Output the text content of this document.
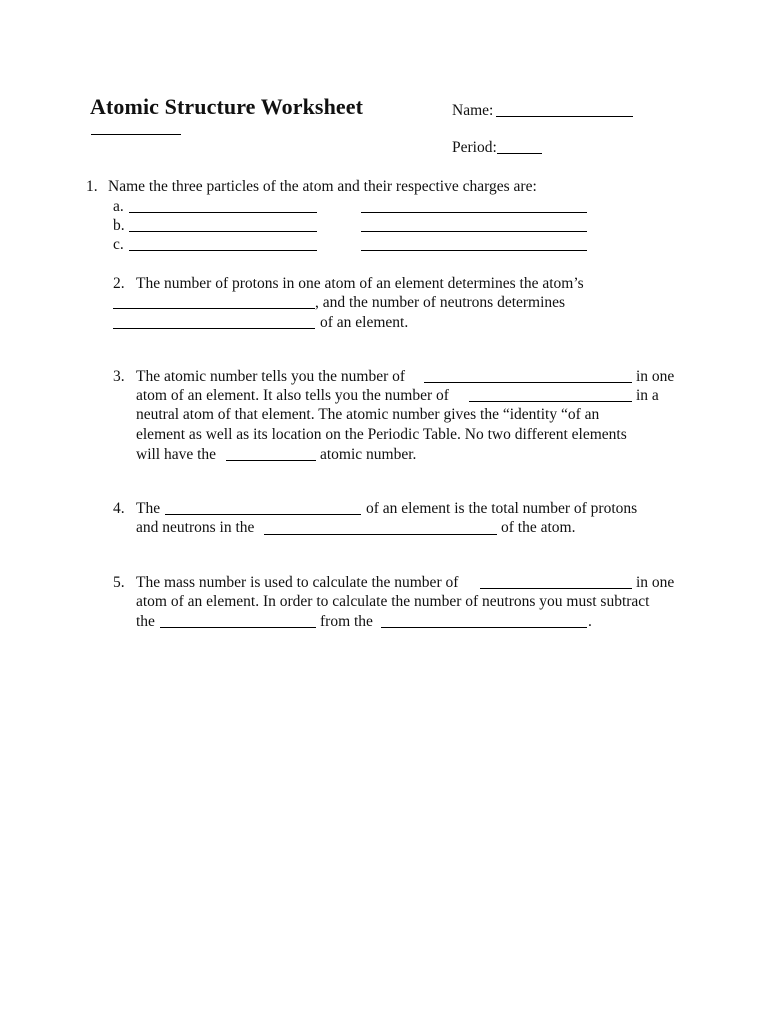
Atomic Structure Worksheet	Name:
Period:
1. Name the three particles of the atom and their respective charges are:
a.
b.
c.
2. The number of protons in one atom of an element determines the atom’s
, and the number of neutrons determines
of an element.
3. The atomic number tells you the number of	in one
atom of an element. It also tells you the number of	in a
neutral atom of that element. The atomic number gives the “identity “of an
element as well as its location on the Periodic Table. No two different elements
will have the	atomic number.
4. The	of an element is the total number of protons
and neutrons in the	of the atom.
5. The mass number is used to calculate the number of	in one
atom of an element. In order to calculate the number of neutrons you must subtract
the	from the	.
